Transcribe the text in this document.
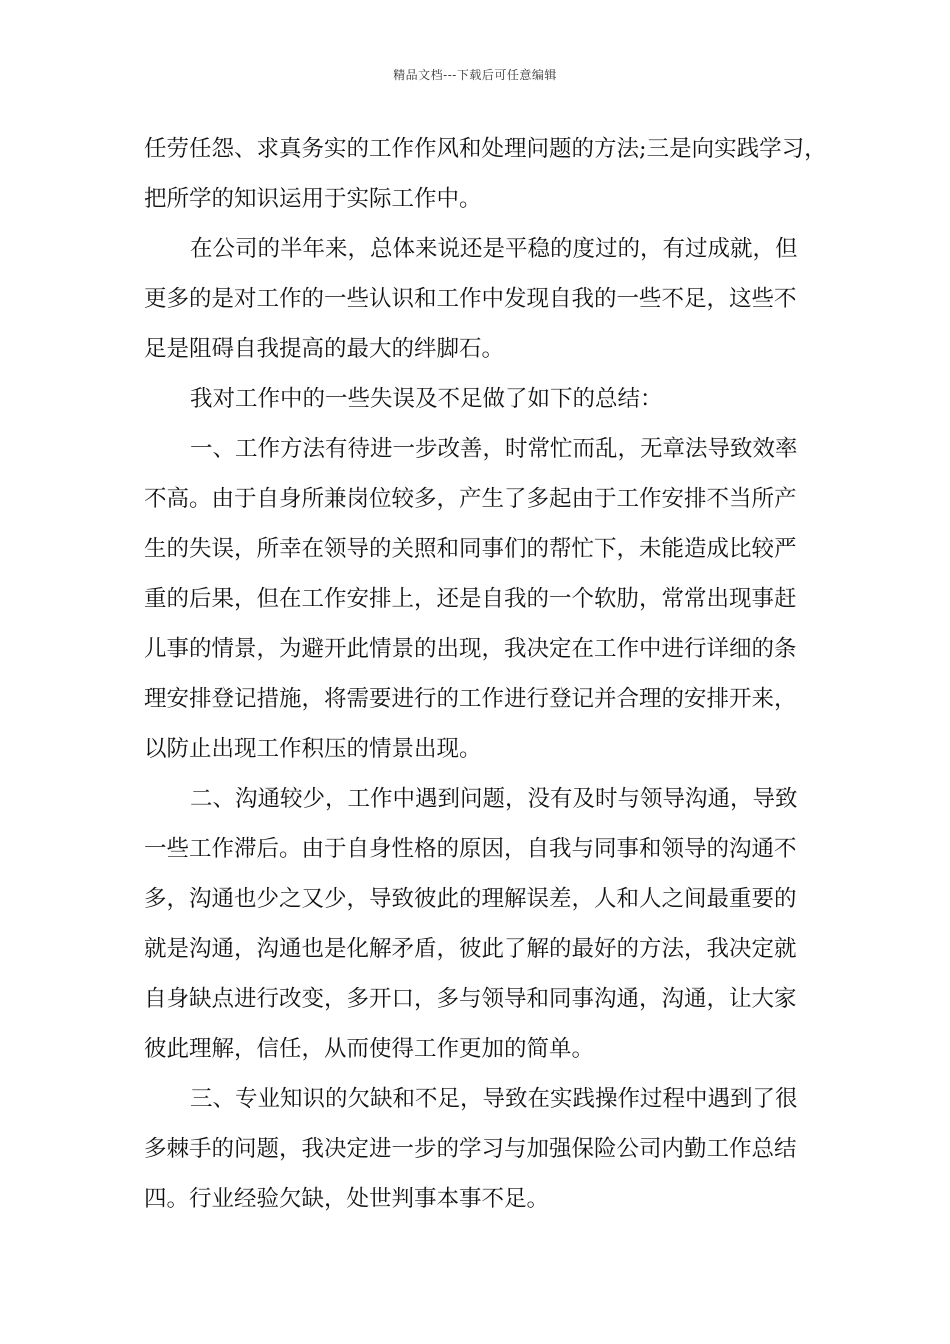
精品文档---下载后可任意编辑
任劳任怨、求真务实的工作作风和处理问题的方法;三是向实践学习，
把所学的知识运用于实际工作中。
在公司的半年来，总体来说还是平稳的度过的，有过成就，但
更多的是对工作的一些认识和工作中发现自我的一些不足，这些不
足是阻碍自我提高的最大的绊脚石。
我对工作中的一些失误及不足做了如下的总结：
一、工作方法有待进一步改善，时常忙而乱，无章法导致效率
不高。由于自身所兼岗位较多，产生了多起由于工作安排不当所产
生的失误，所幸在领导的关照和同事们的帮忙下，未能造成比较严
重的后果，但在工作安排上，还是自我的一个软肋，常常出现事赶
儿事的情景，为避开此情景的出现，我决定在工作中进行详细的条
理安排登记措施，将需要进行的工作进行登记并合理的安排开来，
以防止出现工作积压的情景出现。
二、沟通较少，工作中遇到问题，没有及时与领导沟通，导致
一些工作滞后。由于自身性格的原因，自我与同事和领导的沟通不
多，沟通也少之又少，导致彼此的理解误差，人和人之间最重要的
就是沟通，沟通也是化解矛盾，彼此了解的最好的方法，我决定就
自身缺点进行改变，多开口，多与领导和同事沟通，沟通，让大家
彼此理解，信任，从而使得工作更加的简单。
三、专业知识的欠缺和不足，导致在实践操作过程中遇到了很
多棘手的问题，我决定进一步的学习与加强保险公司内勤工作总结
四。行业经验欠缺，处世判事本事不足。
